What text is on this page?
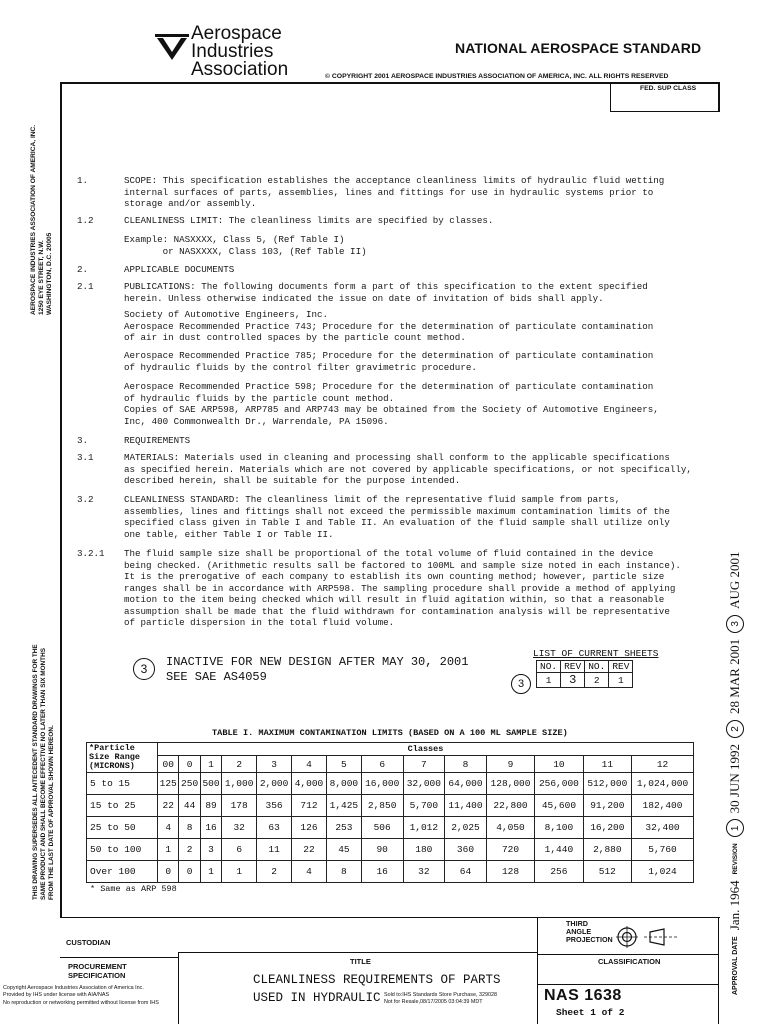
Aerospace
Industries
Association
NATIONAL AEROSPACE STANDARD
© COPYRIGHT 2001 AEROSPACE INDUSTRIES ASSOCIATION OF AMERICA, INC. ALL RIGHTS RESERVED
FED. SUP CLASS
AEROSPACE INDUSTRIES ASSOCIATION OF AMERICA, INC. 1250 EYE STREET, N.W. WASHINGTON, D.C. 20005
THIS DRAWING SUPERSEDES ALL ANTECEDENT STANDARD DRAWINGS FOR THE SAME PRODUCT AND SHALL BECOME EFFECTIVE NO LATER THAN SIX MONTHS FROM THE LAST DATE OF APPROVAL SHOWN HEREON.
APPROVAL DATE
Jan. 1964
REVISION
1
30 JUN 1992
2
28 MAR 2001
3
AUG 2001
1.	SCOPE: This specification establishes the acceptance cleanliness limits of hydraulic fluid wetting
internal surfaces of parts, assemblies, lines and fittings for use in hydraulic systems prior to
storage and/or assembly.
1.2	CLEANLINESS LIMIT: The cleanliness limits are specified by classes.
Example: NASXXXX, Class 5, (Ref Table I)
or NASXXXX, Class 103, (Ref Table II)
2.	APPLICABLE DOCUMENTS
2.1	PUBLICATIONS: The following documents form a part of this specification to the extent specified
herein. Unless otherwise indicated the issue on date of invitation of bids shall apply.
Society of Automotive Engineers, Inc.
Aerospace Recommended Practice 743; Procedure for the determination of particulate contamination
of air in dust controlled spaces by the particle count method.
Aerospace Recommended Practice 785; Procedure for the determination of particulate contamination
of hydraulic fluids by the control filter gravimetric procedure.
Aerospace Recommended Practice 598; Procedure for the determination of particulate contamination
of hydraulic fluids by the particle count method.
Copies of SAE ARP598, ARP785 and ARP743 may be obtained from the Society of Automotive Engineers,
Inc, 400 Commonwealth Dr., Warrendale, PA 15096.
3.	REQUIREMENTS
3.1	MATERIALS: Materials used in cleaning and processing shall conform to the applicable specifications
as specified herein. Materials which are not covered by applicable specifications, or not specifically,
described herein, shall be suitable for the purpose intended.
3.2	CLEANLINESS STANDARD: The cleanliness limit of the representative fluid sample from parts,
assemblies, lines and fittings shall not exceed the permissible maximum contamination limits of the
specified class given in Table I and Table II. An evaluation of the fluid sample shall utilize only
one table, either Table I or Table II.
3.2.1 The fluid sample size shall be proportional of the total volume of fluid contained in the device
being checked. (Arithmetic results sall be factored to 100ML and sample size noted in each instance).
It is the prerogative of each company to establish its own counting method; however, particle size
ranges shall be in accordance with ARP598. The sampling procedure shall provide a method of applying
motion to the item being checked which will result in fluid agitation within, so that a reasonable
assumption shall be made that the fluid withdrawn for contamination analysis will be representative
of particle dispersion in the total fluid volume.
3	INACTIVE FOR NEW DESIGN AFTER MAY 30, 2001
SEE SAE AS4059
LIST OF CURRENT SHEETS
3
NO.	REV	NO.	REV
1	3	2	1
TABLE I. MAXIMUM CONTAMINATION LIMITS (BASED ON A 100 ML SAMPLE SIZE)
*Particle
Size Range
(MICRONS)	Classes													
	00	0	1	2	3	4	5	6	7	8	9	10	11	12
5 to 15	125	250	500	1,000	2,000	4,000	8,000	16,000	32,000	64,000	128,000	256,000	512,000	1,024,000
15 to 25	22	44	89	178	356	712	1,425	2,850	5,700	11,400	22,800	45,600	91,200	182,400
25 to 50	4	8	16	32	63	126	253	506	1,012	2,025	4,050	8,100	16,200	32,400
50 to 100	1	2	3	6	11	22	45	90	180	360	720	1,440	2,880	5,760
Over 100	0	0	1	1	2	4	8	16	32	64	128	256	512	1,024
* Same as ARP 598
CUSTODIAN
THIRD
ANGLE
PROJECTION
TITLE	CLASSIFICATION
PROCUREMENT
SPECIFICATION	CLEANLINESS REQUIREMENTS OF PARTS
USED IN HYDRAULIC	NAS 1638
Sheet 1 of 2
Copyright Aerospace Industries Association of America Inc.
Provided by IHS under license with AIA/NAS
No reproduction or networking permitted without license from IHS
Sold to:IHS Standards Store Purchase, 329028
Not for Resale,08/17/2005 03:04:39 MDT
